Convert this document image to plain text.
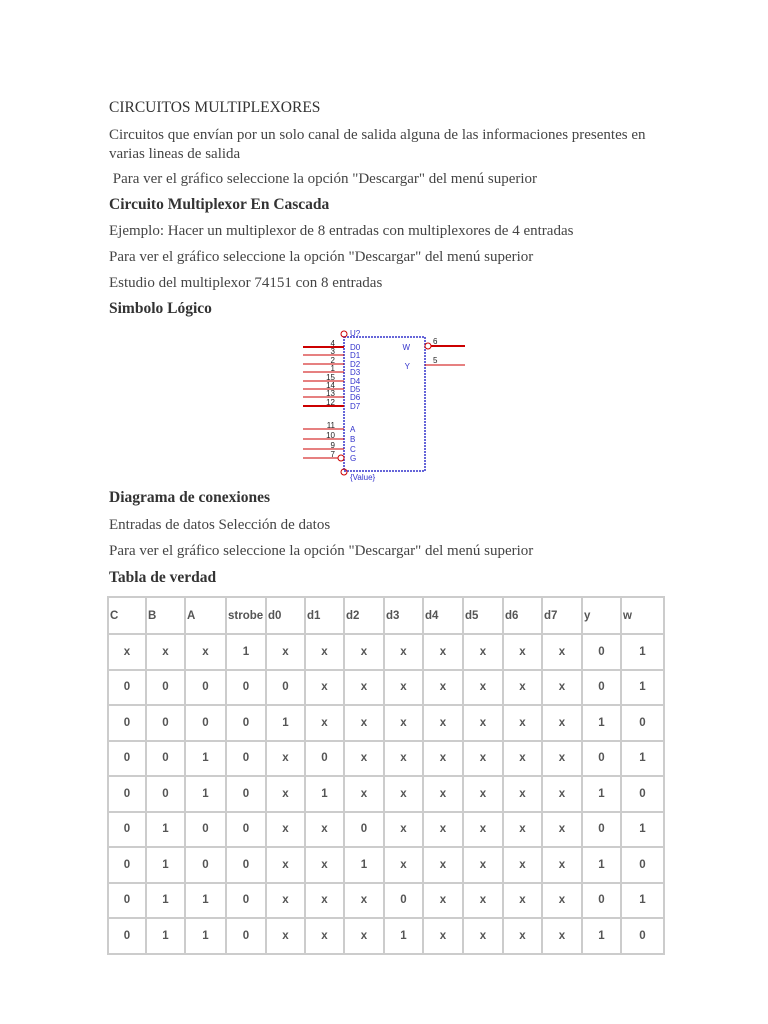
CIRCUITOS MULTIPLEXORES
Circuitos que envían por un solo canal de salida alguna de las informaciones presentes en varias lineas de salida
Para ver el gráfico seleccione la opción "Descargar" del menú superior
Circuito Multiplexor En Cascada
Ejemplo: Hacer un multiplexor de 8 entradas con multiplexores de 4 entradas
Para ver el gráfico seleccione la opción "Descargar" del menú superior
Estudio del multiplexor 74151 con 8 entradas
Simbolo Lógico
U?
{Value}
4 D0
3 D1
2 D2
1 D3
15 D4
14 D5
13 D6
12 D7
11 A
10 B
9 C
7 G
6
W
5
Y
Diagrama de conexiones
Entradas de datos Selección de datos
Para ver el gráfico seleccione la opción "Descargar" del menú superior
Tabla de verdad
C	B	A	strobe	d0	d1	d2	d3	d4	d5	d6	d7	y	w
x	x	x	1	x	x	x	x	x	x	x	x	0	1
0	0	0	0	0	x	x	x	x	x	x	x	0	1
0	0	0	0	1	x	x	x	x	x	x	x	1	0
0	0	1	0	x	0	x	x	x	x	x	x	0	1
0	0	1	0	x	1	x	x	x	x	x	x	1	0
0	1	0	0	x	x	0	x	x	x	x	x	0	1
0	1	0	0	x	x	1	x	x	x	x	x	1	0
0	1	1	0	x	x	x	0	x	x	x	x	0	1
0	1	1	0	x	x	x	1	x	x	x	x	1	0
